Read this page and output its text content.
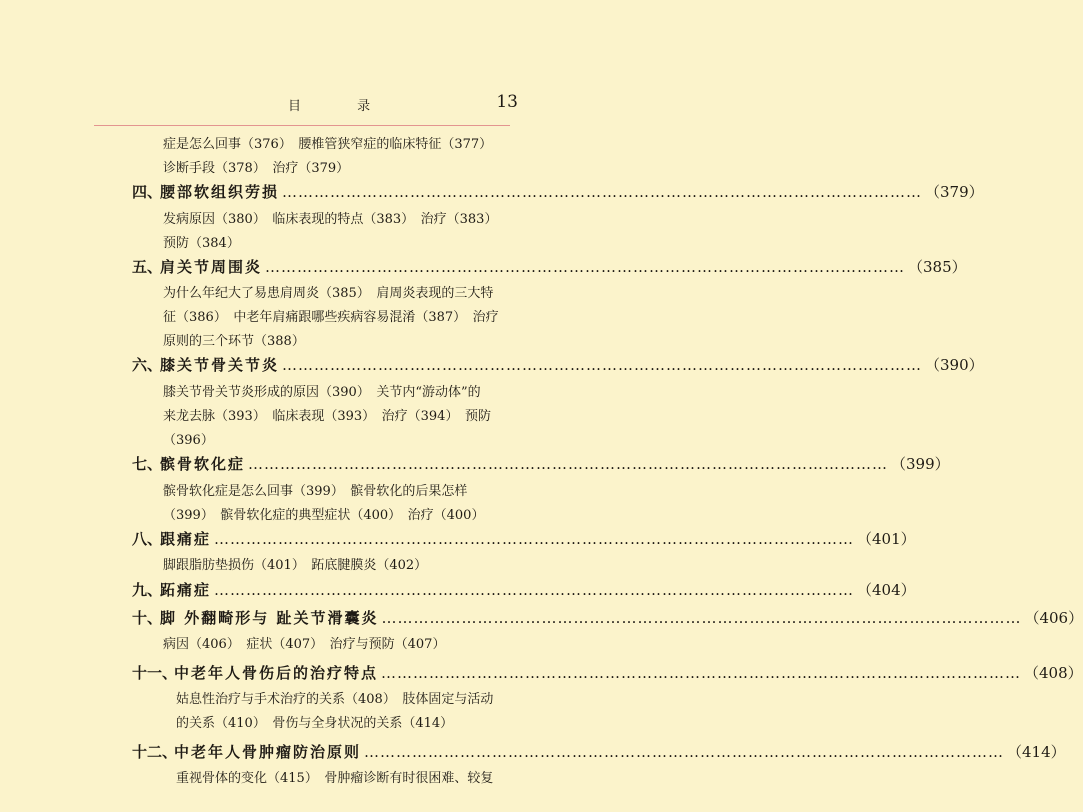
目 录	13
症是怎么回事（376）　腰椎管狭窄症的临床特征（377）
诊断手段（378）　治疗（379）
四、
腰部软组织劳损 ………………………………………………………………………………………………………… （379）
发病原因（380）　临床表现的特点（383）　治疗（383）
预防（384）
五、
肩关节周围炎 ………………………………………………………………………………………………………… （385）
为什么年纪大了易患肩周炎（385）　肩周炎表现的三大特
征（386）　中老年肩痛跟哪些疾病容易混淆（387）　治疗
原则的三个环节（388）
六、
膝关节骨关节炎 ………………………………………………………………………………………………………… （390）
膝关节骨关节炎形成的原因（390）　关节内“游动体”的
来龙去脉（393）　临床表现（393）　治疗（394）　预防
（396）
七、
髌骨软化症 ………………………………………………………………………………………………………… （399）
髌骨软化症是怎么回事（399）　髌骨软化的后果怎样
（399）　髌骨软化症的典型症状（400）　治疗（400）
八、
跟痛症 ………………………………………………………………………………………………………… （401）
脚跟脂肪垫损伤（401）　跖底腱膜炎（402）
九、
跖痛症 ………………………………………………………………………………………………………… （404）
十、
脚 外翻畸形与 趾关节滑囊炎 ………………………………………………………………………………………………………… （406）
病因（406）　症状（407）　治疗与预防（407）
十一、
中老年人骨伤后的治疗特点 ………………………………………………………………………………………………………… （408）
姑息性治疗与手术治疗的关系（408）　肢体固定与活动
的关系（410）　骨伤与全身状况的关系（414）
十二、
中老年人骨肿瘤防治原则 ………………………………………………………………………………………………………… （414）
重视骨体的变化（415）　骨肿瘤诊断有时很困难、较复
